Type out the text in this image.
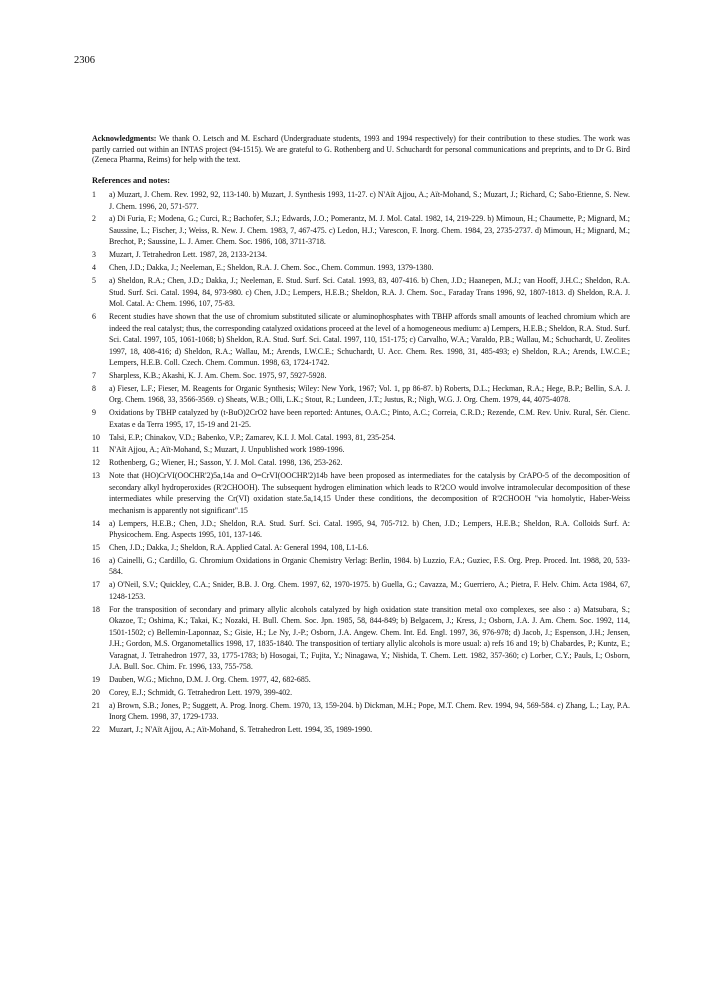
2306

Acknowledgments: We thank O. Letsch and M. Eschard (Undergraduate students, 1993 and 1994 respectively) for their contribution to these studies. The work was partly carried out within an INTAS project (94-1515). We are grateful to G. Rothenberg and U. Schuchardt for personal communications and preprints, and to Dr G. Bird (Zeneca Pharma, Reims) for help with the text.

References and notes:

1	a) Muzart, J. Chem. Rev. 1992, 92, 113-140. b) Muzart, J. Synthesis 1993, 11-27. c) N'Aït Ajjou, A.; Aït-Mohand, S.; Muzart, J.; Richard, C; Sabo-Etienne, S. New. J. Chem. 1996, 20, 571-577.
2	a) Di Furia, F.; Modena, G.; Curci, R.; Bachofer, S.J.; Edwards, J.O.; Pomerantz, M. J. Mol. Catal. 1982, 14, 219-229. b) Mimoun, H.; Chaumette, P.; Mignard, M.; Saussine, L.; Fischer, J.; Weiss, R. New. J. Chem. 1983, 7, 467-475. c) Ledon, H.J.; Varescon, F. Inorg. Chem. 1984, 23, 2735-2737. d) Mimoun, H.; Mignard, M.; Brechot, P.; Saussine, L. J. Amer. Chem. Soc. 1986, 108, 3711-3718.
3	Muzart, J. Tetrahedron Lett. 1987, 28, 2133-2134.
4	Chen, J.D.; Dakka, J.; Neeleman, E.; Sheldon, R.A. J. Chem. Soc., Chem. Commun. 1993, 1379-1380.
5	a) Sheldon, R.A.; Chen, J.D.; Dakka, J.; Neeleman, E. Stud. Surf. Sci. Catal. 1993, 83, 407-416. b) Chen, J.D.; Haanepen, M.J.; van Hooff, J.H.C.; Sheldon, R.A. Stud. Surf. Sci. Catal. 1994, 84, 973-980. c) Chen, J.D.; Lempers, H.E.B.; Sheldon, R.A. J. Chem. Soc., Faraday Trans 1996, 92, 1807-1813. d) Sheldon, R.A. J. Mol. Catal. A: Chem. 1996, 107, 75-83.
6	Recent studies have shown that the use of chromium substituted silicate or aluminophosphates with TBHP affords small amounts of leached chromium which are indeed the real catalyst; thus, the corresponding catalyzed oxidations proceed at the level of a homogeneous medium: a) Lempers, H.E.B.; Sheldon, R.A. Stud. Surf. Sci. Catal. 1997, 105, 1061-1068; b) Sheldon, R.A. Stud. Surf. Sci. Catal. 1997, 110, 151-175; c) Carvalho, W.A.; Varaldo, P.B.; Wallau, M.; Schuchardt, U. Zeolites 1997, 18, 408-416; d) Sheldon, R.A.; Wallau, M.; Arends, I.W.C.E.; Schuchardt, U. Acc. Chem. Res. 1998, 31, 485-493; e) Sheldon, R.A.; Arends, I.W.C.E.; Lempers, H.E.B. Coll. Czech. Chem. Commun. 1998, 63, 1724-1742.
7	Sharpless, K.B.; Akashi, K. J. Am. Chem. Soc. 1975, 97, 5927-5928.
8	a) Fieser, L.F.; Fieser, M. Reagents for Organic Synthesis; Wiley: New York, 1967; Vol. 1, pp 86-87. b) Roberts, D.L.; Heckman, R.A.; Hege, B.P.; Bellin, S.A. J. Org. Chem. 1968, 33, 3566-3569. c) Sheats, W.B.; Olli, L.K.; Stout, R.; Lundeen, J.T.; Justus, R.; Nigh, W.G. J. Org. Chem. 1979, 44, 4075-4078.
9	Oxidations by TBHP catalyzed by (t-BuO)2CrO2 have been reported: Antunes, O.A.C.; Pinto, A.C.; Correia, C.R.D.; Rezende, C.M. Rev. Univ. Rural, Sér. Cienc. Exatas e da Terra 1995, 17, 15-19 and 21-25.
10	Talsi, E.P.; Chinakov, V.D.; Babenko, V.P.; Zamarev, K.I. J. Mol. Catal. 1993, 81, 235-254.
11	N'Aït Ajjou, A.; Aït-Mohand, S.; Muzart, J. Unpublished work 1989-1996.
12	Rothenberg, G.; Wiener, H.; Sasson, Y. J. Mol. Catal. 1998, 136, 253-262.
13	Note that (HO)CrVI(OOCHR'2)5a,14a and O=CrVI(OOCHR'2)14b have been proposed as intermediates for the catalysis by CrAPO-5 of the decomposition of secondary alkyl hydroperoxides (R'2CHOOH). The subsequent hydrogen elimination which leads to R'2CO would involve intramolecular decomposition of these intermediates while preserving the Cr(VI) oxidation state.5a,14,15 Under these conditions, the decomposition of R'2CHOOH "via homolytic, Haber-Weiss mechanism is apparently not significant".15
14	a) Lempers, H.E.B.; Chen, J.D.; Sheldon, R.A. Stud. Surf. Sci. Catal. 1995, 94, 705-712. b) Chen, J.D.; Lempers, H.E.B.; Sheldon, R.A. Colloids Surf. A: Physicochem. Eng. Aspects 1995, 101, 137-146.
15	Chen, J.D.; Dakka, J.; Sheldon, R.A. Applied Catal. A: General 1994, 108, L1-L6.
16	a) Cainelli, G.; Cardillo, G. Chromium Oxidations in Organic Chemistry Verlag: Berlin, 1984. b) Luzzio, F.A.; Guziec, F.S. Org. Prep. Proced. Int. 1988, 20, 533-584.
17	a) O'Neil, S.V.; Quickley, C.A.; Snider, B.B. J. Org. Chem. 1997, 62, 1970-1975. b) Guella, G.; Cavazza, M.; Guerriero, A.; Pietra, F. Helv. Chim. Acta 1984, 67, 1248-1253.
18	For the transposition of secondary and primary allylic alcohols catalyzed by high oxidation state transition metal oxo complexes, see also : a) Matsubara, S.; Okazoe, T.; Oshima, K.; Takai, K.; Nozaki, H. Bull. Chem. Soc. Jpn. 1985, 58, 844-849; b) Belgacem, J.; Kress, J.; Osborn, J.A. J. Am. Chem. Soc. 1992, 114, 1501-1502; c) Bellemin-Laponnaz, S.; Gisie, H.; Le Ny, J.-P.; Osborn, J.A. Angew. Chem. Int. Ed. Engl. 1997, 36, 976-978; d) Jacob, J.; Espenson, J.H.; Jensen, J.H.; Gordon, M.S. Organometallics 1998, 17, 1835-1840. The transposition of tertiary allylic alcohols is more usual: a) refs 16 and 19; b) Chabardes, P.; Kuntz, E.; Varagnat, J. Tetrahedron 1977, 33, 1775-1783; b) Hosogai, T.; Fujita, Y.; Ninagawa, Y.; Nishida, T. Chem. Lett. 1982, 357-360; c) Lorber, C.Y.; Pauls, I.; Osborn, J.A. Bull. Soc. Chim. Fr. 1996, 133, 755-758.
19	Dauben, W.G.; Michno, D.M. J. Org. Chem. 1977, 42, 682-685.
20	Corey, E.J.; Schmidt, G. Tetrahedron Lett. 1979, 399-402.
21	a) Brown, S.B.; Jones, P.; Suggett, A. Prog. Inorg. Chem. 1970, 13, 159-204. b) Dickman, M.H.; Pope, M.T. Chem. Rev. 1994, 94, 569-584. c) Zhang, L.; Lay, P.A. Inorg Chem. 1998, 37, 1729-1733.
22	Muzart, J.; N'Aït Ajjou, A.; Aït-Mohand, S. Tetrahedron Lett. 1994, 35, 1989-1990.
